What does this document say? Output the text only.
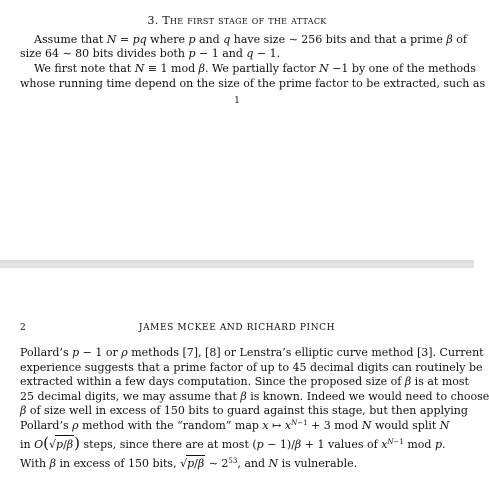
3. The first stage of the attack
Assume that N = pq where p and q have size ∼ 256 bits and that a prime β of
size 64 ∼ 80 bits divides both p − 1 and q − 1.
We first note that N ≡ 1 mod β. We partially factor N −1 by one of the methods
whose running time depend on the size of the prime factor to be extracted, such as
1
2	JAMES MCKEE AND RICHARD PINCH
Pollard’s p − 1 or ρ methods [7], [8] or Lenstra’s elliptic curve method [3]. Current
experience suggests that a prime factor of up to 45 decimal digits can routinely be
extracted within a few days computation. Since the proposed size of β is at most
25 decimal digits, we may assume that β is known. Indeed we would need to choose
β of size well in excess of 150 bits to guard against this stage, but then applying
Pollard’s ρ method with the “random” map x ↦ $x^{N-1} + 3$ mod N would split N
in O(√p/β) steps, since there are at most (p − 1)/β + 1 values of $x^{N-1}$ mod p.
With β in excess of 150 bits, √p/β ∼ $2^{53}$, and N is vulnerable.
